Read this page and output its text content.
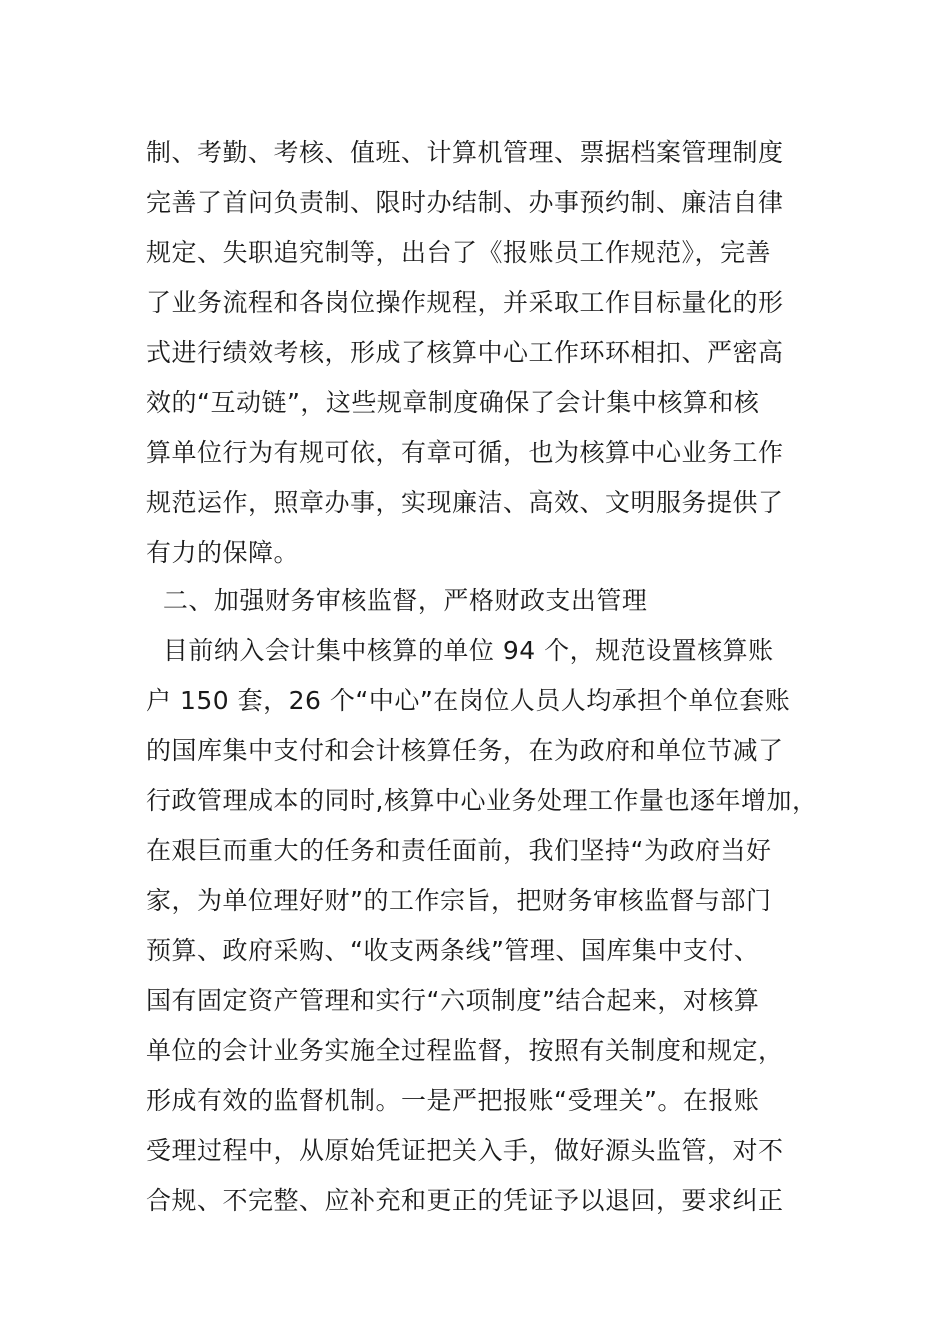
制、考勤、考核、值班、计算机管理、票据档案管理制度
完善了首问负责制、限时办结制、办事预约制、廉洁自律
规定、失职追究制等，出台了《报账员工作规范》，完善
了业务流程和各岗位操作规程，并采取工作目标量化的形
式进行绩效考核，形成了核算中心工作环环相扣、严密高
效的“互动链”，这些规章制度确保了会计集中核算和核
算单位行为有规可依，有章可循，也为核算中心业务工作
规范运作，照章办事，实现廉洁、高效、文明服务提供了
有力的保障。
二、加强财务审核监督，严格财政支出管理
目前纳入会计集中核算的单位 94 个，规范设置核算账
户 150 套，26 个“中心”在岗位人员人均承担个单位套账
的国库集中支付和会计核算任务，在为政府和单位节减了
行政管理成本的同时,核算中心业务处理工作量也逐年增加，
在艰巨而重大的任务和责任面前，我们坚持“为政府当好
家，为单位理好财”的工作宗旨，把财务审核监督与部门
预算、政府采购、“收支两条线”管理、国库集中支付、
国有固定资产管理和实行“六项制度”结合起来，对核算
单位的会计业务实施全过程监督，按照有关制度和规定，
形成有效的监督机制。一是严把报账“受理关”。在报账
受理过程中，从原始凭证把关入手，做好源头监管，对不
合规、不完整、应补充和更正的凭证予以退回，要求纠正
